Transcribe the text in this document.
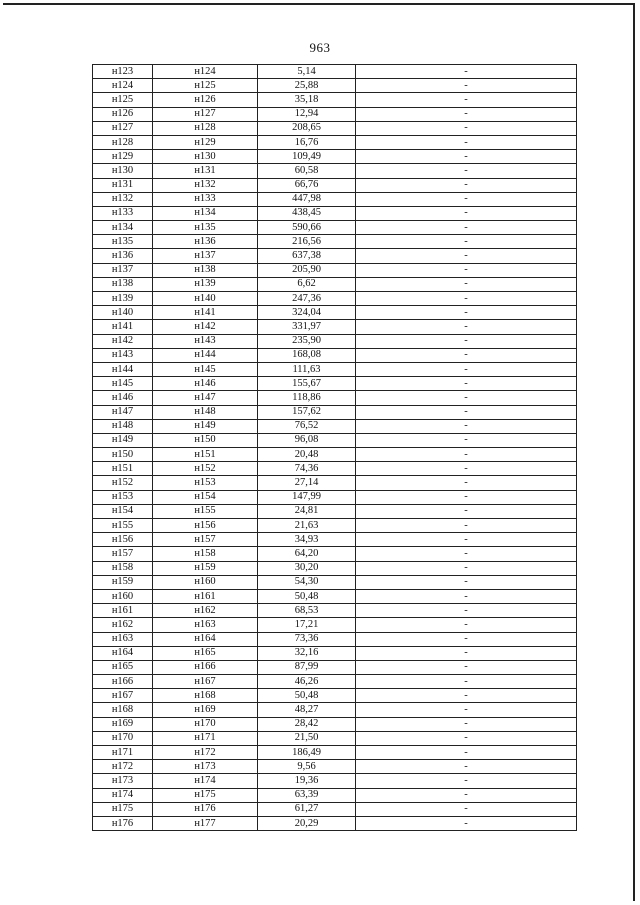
963
н123	н124	5,14	-
н124	н125	25,88	-
н125	н126	35,18	-
н126	н127	12,94	-
н127	н128	208,65	-
н128	н129	16,76	-
н129	н130	109,49	-
н130	н131	60,58	-
н131	н132	66,76	-
н132	н133	447,98	-
н133	н134	438,45	-
н134	н135	590,66	-
н135	н136	216,56	-
н136	н137	637,38	-
н137	н138	205,90	-
н138	н139	6,62	-
н139	н140	247,36	-
н140	н141	324,04	-
н141	н142	331,97	-
н142	н143	235,90	-
н143	н144	168,08	-
н144	н145	111,63	-
н145	н146	155,67	-
н146	н147	118,86	-
н147	н148	157,62	-
н148	н149	76,52	-
н149	н150	96,08	-
н150	н151	20,48	-
н151	н152	74,36	-
н152	н153	27,14	-
н153	н154	147,99	-
н154	н155	24,81	-
н155	н156	21,63	-
н156	н157	34,93	-
н157	н158	64,20	-
н158	н159	30,20	-
н159	н160	54,30	-
н160	н161	50,48	-
н161	н162	68,53	-
н162	н163	17,21	-
н163	н164	73,36	-
н164	н165	32,16	-
н165	н166	87,99	-
н166	н167	46,26	-
н167	н168	50,48	-
н168	н169	48,27	-
н169	н170	28,42	-
н170	н171	21,50	-
н171	н172	186,49	-
н172	н173	9,56	-
н173	н174	19,36	-
н174	н175	63,39	-
н175	н176	61,27	-
н176	н177	20,29	-
